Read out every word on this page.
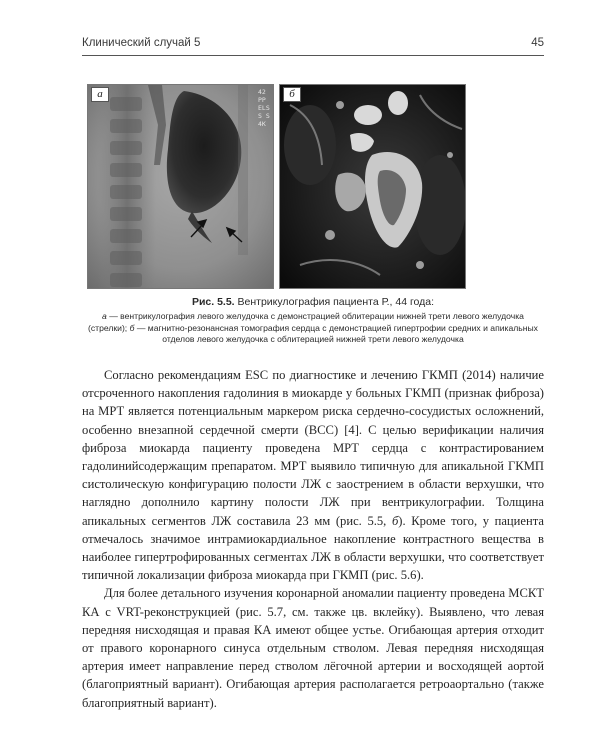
Клинический случай 5	45
42
РР
ELS
S S
4K
а	б
Рис. 5.5. Вентрикулография пациента Р., 44 года:
а — вентрикулография левого желудочка с демонстрацией облитерации нижней трети левого желудочка (стрелки); б — магнитно-резонансная томография сердца с демонстрацией гипертрофии средних и апикальных отделов левого желудочка с облитерацией нижней трети левого желудочка

Согласно рекомендациям ESC по диагностике и лечению ГКМП (2014) наличие отсроченного накопления гадолиния в миокарде у больных ГКМП (признак фиброза) на МРТ является потенциальным маркером риска сердечно-сосудистых осложнений, особенно внезапной сердечной смерти (ВСС) [4]. С целью верификации наличия фиброза миокарда пациенту проведена МРТ сердца с контрастированием гадолинийсодержащим препаратом. МРТ выявило типичную для апикальной ГКМП систолическую конфигурацию полости ЛЖ с заострением в области верхушки, что наглядно дополнило картину полости ЛЖ при вентрикулографии. Толщина апикальных сегментов ЛЖ составила 23 мм (рис. 5.5, б). Кроме того, у пациента отмечалось значимое интрамиокардиальное накопление контрастного вещества в наиболее гипертрофированных сегментах ЛЖ в области верхушки, что соответствует типичной локализации фиброза миокарда при ГКМП (рис. 5.6).

Для более детального изучения коронарной аномалии пациенту проведена МСКТ КА с VRT-реконструкцией (рис. 5.7, см. также цв. вклейку). Выявлено, что левая передняя нисходящая и правая КА имеют общее устье. Огибающая артерия отходит от правого коронарного синуса отдельным стволом. Левая передняя нисходящая артерия имеет направление перед стволом лёгочной артерии и восходящей аортой (благоприятный вариант). Огибающая артерия располагается ретроаортально (также благоприятный вариант).
